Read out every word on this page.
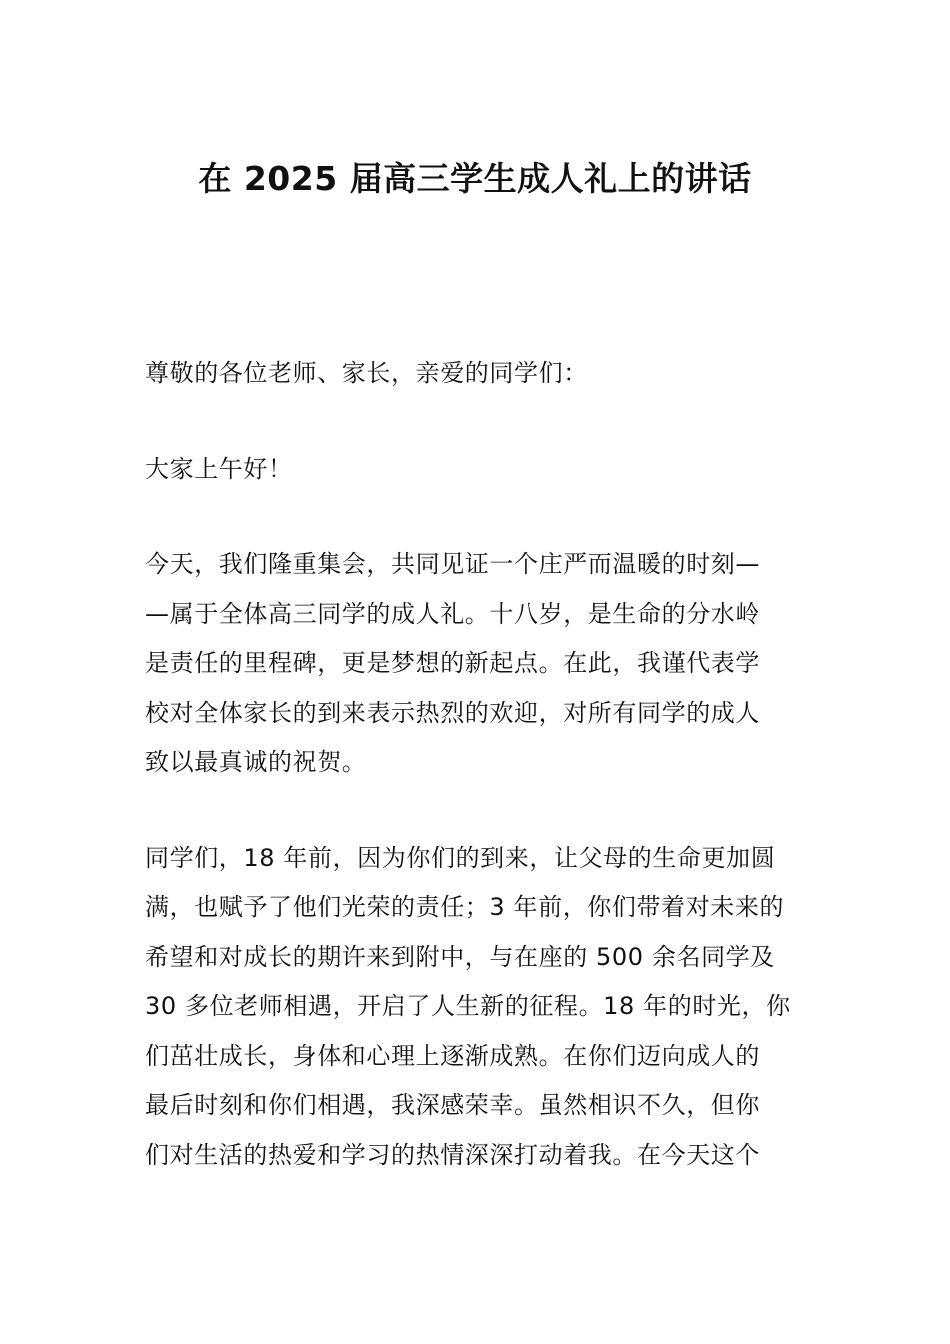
在 2025 届高三学生成人礼上的讲话

尊敬的各位老师、家长，亲爱的同学们：

大家上午好！

今天，我们隆重集会，共同见证一个庄严而温暖的时刻—
—属于全体高三同学的成人礼。十八岁，是生命的分水岭
是责任的里程碑，更是梦想的新起点。在此，我谨代表学
校对全体家长的到来表示热烈的欢迎，对所有同学的成人
致以最真诚的祝贺。

同学们，18 年前，因为你们的到来，让父母的生命更加圆
满，也赋予了他们光荣的责任；3 年前，你们带着对未来的
希望和对成长的期许来到附中，与在座的 500 余名同学及
30 多位老师相遇，开启了人生新的征程。18 年的时光，你
们茁壮成长，身体和心理上逐渐成熟。在你们迈向成人的
最后时刻和你们相遇，我深感荣幸。虽然相识不久，但你
们对生活的热爱和学习的热情深深打动着我。在今天这个
